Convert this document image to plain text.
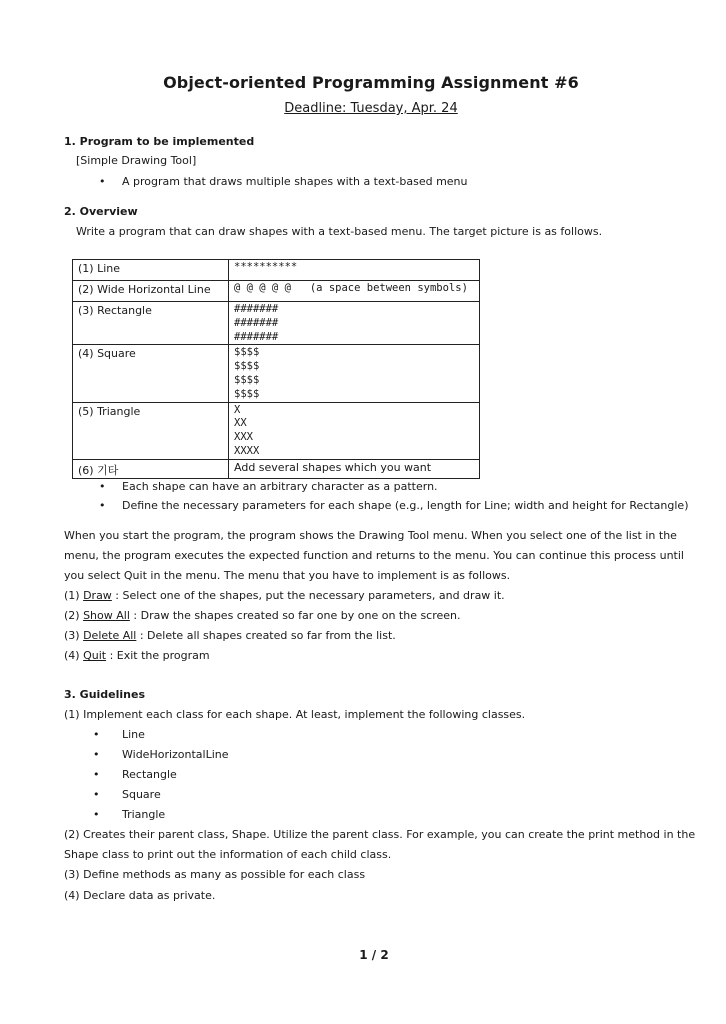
Object-oriented Programming Assignment #6
Deadline: Tuesday, Apr. 24
1. Program to be implemented
[Simple Drawing Tool]
• A program that draws multiple shapes with a text-based menu
2. Overview
Write a program that can draw shapes with a text-based menu. The target picture is as follows.
(1) Line	**********

(2) Wide Horizontal Line	@ @ @ @ @   (a space between symbols)

(3) Rectangle	#######
#######
#######

(4) Square	$$$$
$$$$
$$$$
$$$$

(5) Triangle	X
XX
XXX
XXXX

(6) 기타	Add several shapes which you want
• Each shape can have an arbitrary character as a pattern.
• Define the necessary parameters for each shape (e.g., length for Line; width and height for Rectangle)
When you start the program, the program shows the Drawing Tool menu. When you select one of the list in the
menu, the program executes the expected function and returns to the menu. You can continue this process until
you select Quit in the menu. The menu that you have to implement is as follows.
(1) Draw : Select one of the shapes, put the necessary parameters, and draw it.
(2) Show All : Draw the shapes created so far one by one on the screen.
(3) Delete All : Delete all shapes created so far from the list.
(4) Quit : Exit the program
3. Guidelines
(1) Implement each class for each shape. At least, implement the following classes.
• Line
• WideHorizontalLine
• Rectangle
• Square
• Triangle
(2) Creates their parent class, Shape. Utilize the parent class. For example, you can create the print method in the
Shape class to print out the information of each child class.
(3) Define methods as many as possible for each class
(4) Declare data as private.
1 / 2
